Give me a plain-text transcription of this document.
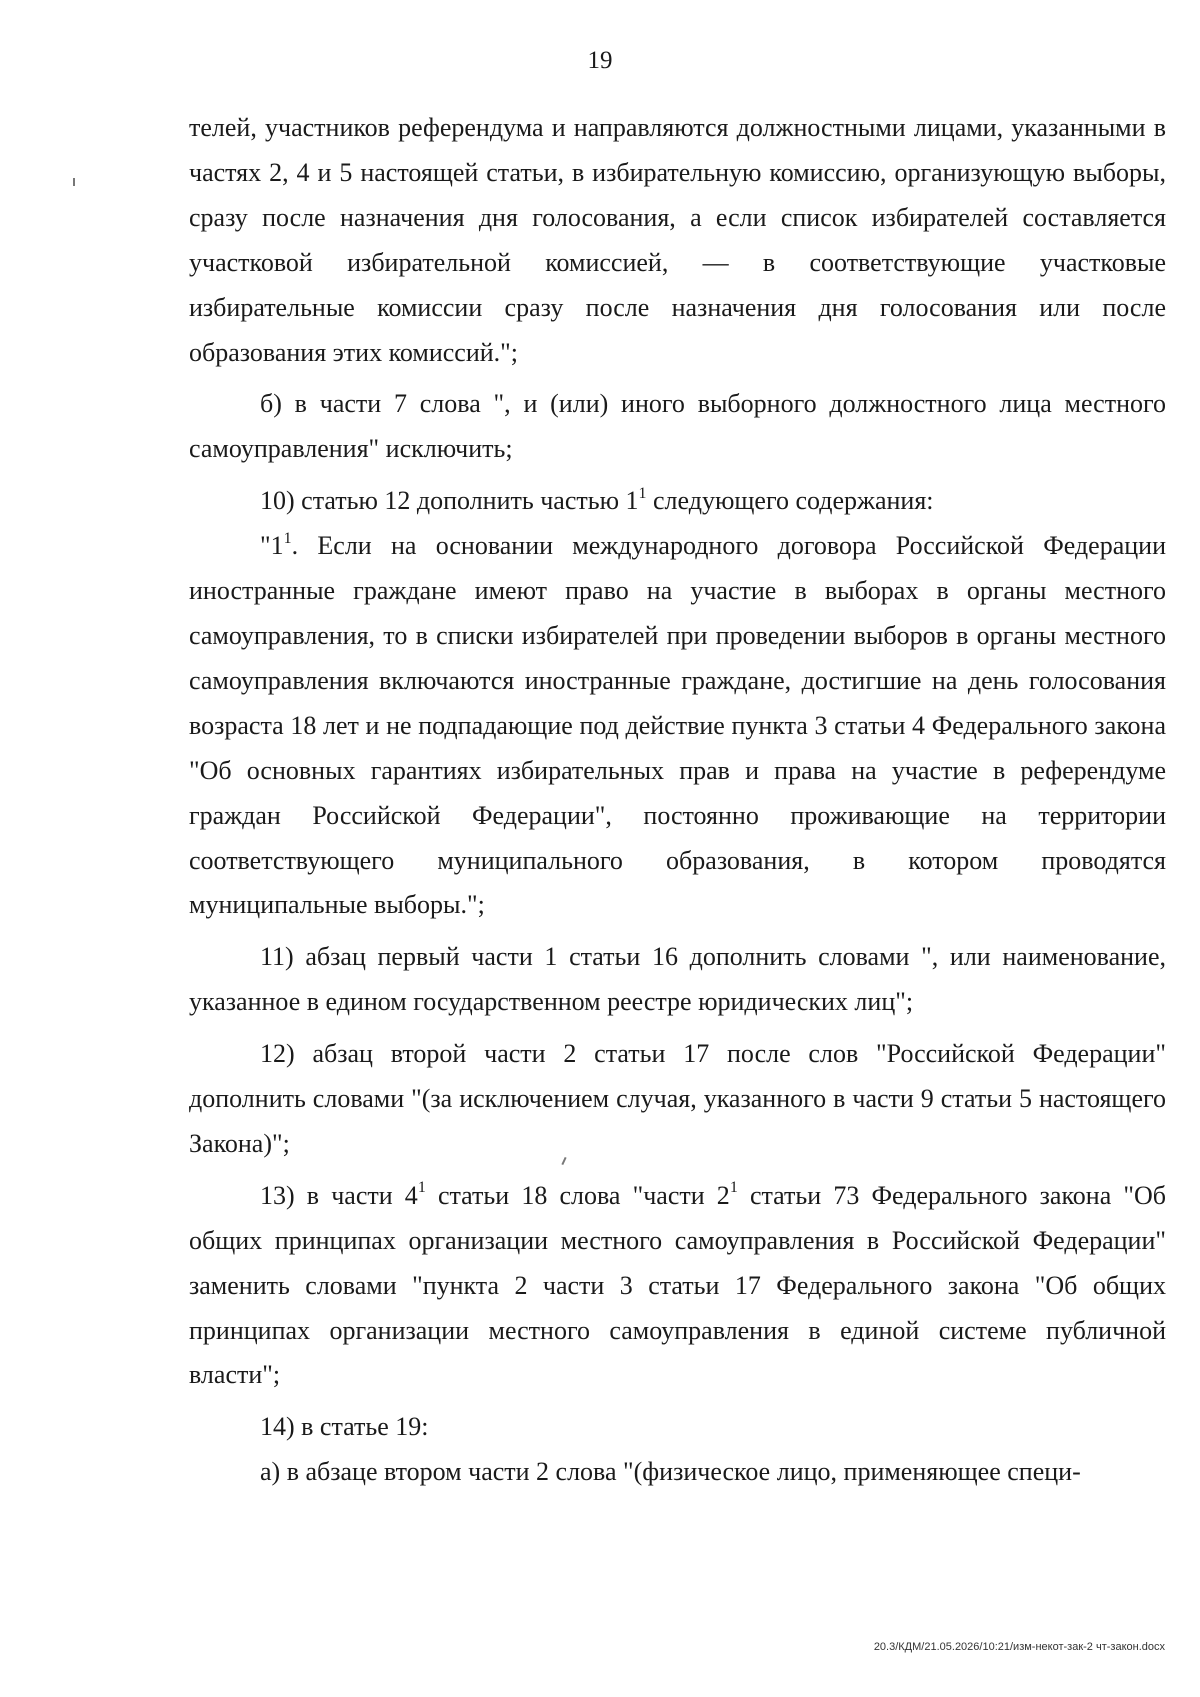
19

телей, участников референдума и направляются должностными лицами, указанными в частях 2, 4 и 5 настоящей статьи, в избирательную комиссию, организующую выборы, сразу после назначения дня голосования, а если список избирателей составляется участковой избирательной комиссией, — в соответствующие участковые избирательные комиссии сразу после назначения дня голосования или после образования этих комиссий.";

б) в части 7 слова ", и (или) иного выборного должностного лица местного самоуправления" исключить;

10) статью 12 дополнить частью $1^1$ следующего содержания:

"$1^1$. Если на основании международного договора Российской Федерации иностранные граждане имеют право на участие в выборах в органы местного самоуправления, то в списки избирателей при проведении выборов в органы местного самоуправления включаются иностранные граждане, достигшие на день голосования возраста 18 лет и не подпадающие под действие пункта 3 статьи 4 Федерального закона "Об основных гарантиях избирательных прав и права на участие в референдуме граждан Российской Федерации", постоянно проживающие на территории соответствующего муниципального образования, в котором проводятся муниципальные выборы.";

11) абзац первый части 1 статьи 16 дополнить словами ", или наименование, указанное в едином государственном реестре юридических лиц";

12) абзац второй части 2 статьи 17 после слов "Российской Федерации" дополнить словами "(за исключением случая, указанного в части 9 статьи 5 настоящего Закона)";

13) в части $4^1$ статьи 18 слова "части $2^1$ статьи 73 Федерального закона "Об общих принципах организации местного самоуправления в Российской Федерации" заменить словами "пункта 2 части 3 статьи 17 Федерального закона "Об общих принципах организации местного самоуправления в единой системе публичной власти";

14) в статье 19:

а) в абзаце втором части 2 слова "(физическое лицо, применяющее специ-

20.3/КДМ/21.05.2026/10:21/изм-некот-зак-2 чт-закон.docx
